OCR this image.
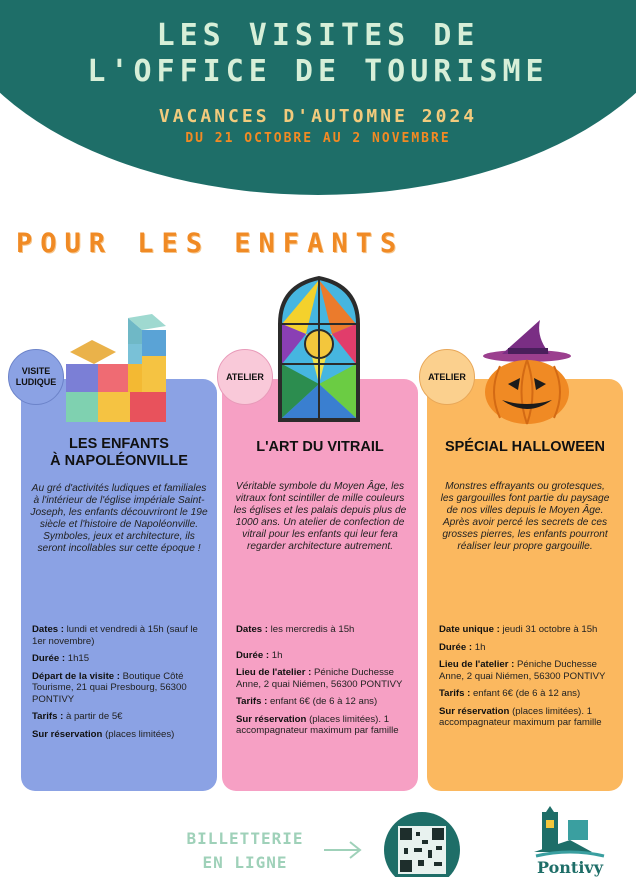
LES VISITES DE
L'OFFICE DE TOURISME
VACANCES D'AUTOMNE 2024
DU 21 OCTOBRE AU 2 NOVEMBRE
POUR LES ENFANTS
LES ENFANTS
À NAPOLÉONVILLE
Au gré d'activités ludiques et familiales à l'intérieur de l'église impériale Saint-Joseph, les enfants découvriront le 19e siècle et l'histoire de Napoléonville. Symboles, jeux et architecture, ils seront incollables sur cette époque !

Dates : lundi et vendredi à 15h (sauf le 1er novembre)

Durée : 1h15

Départ de la visite : Boutique Côté Tourisme, 21 quai Presbourg, 56300 PONTIVY

Tarifs : à partir de 5€

Sur réservation (places limitées)

L'ART DU VITRAIL
Véritable symbole du Moyen Âge, les vitraux font scintiller de mille couleurs les églises et les palais depuis plus de 1000 ans. Un atelier de confection de vitrail pour les enfants qui leur fera regarder architecture autrement.

Dates : les mercredis à 15h

Durée : 1h

Lieu de l'atelier : Péniche Duchesse Anne, 2 quai Niémen, 56300 PONTIVY

Tarifs : enfant 6€ (de 6 à 12 ans)

Sur réservation (places limitées). 1 accompagnateur maximum par famille

SPÉCIAL HALLOWEEN
Monstres effrayants ou grotesques, les gargouilles font partie du paysage de nos villes depuis le Moyen Âge. Après avoir percé les secrets de ces grosses pierres, les enfants pourront réaliser leur propre gargouille.

Date unique : jeudi 31 octobre à 15h

Durée : 1h

Lieu de l'atelier : Péniche Duchesse Anne, 2 quai Niémen, 56300 PONTIVY

Tarifs : enfant 6€ (de 6 à 12 ans)

Sur réservation (places limitées). 1 accompagnateur maximum par famille

VISITE LUDIQUE
ATELIER	ATELIER
BILLETTERIE
EN LIGNE	Pontivy
